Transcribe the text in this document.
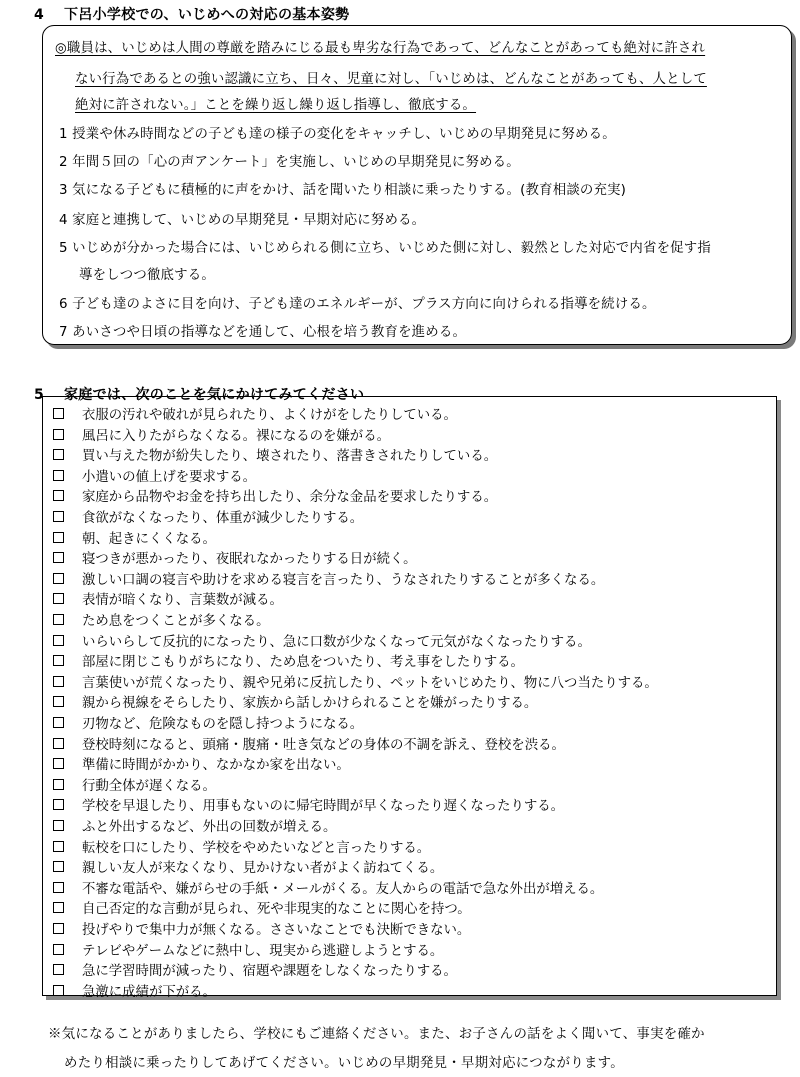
4 下呂小学校での、いじめへの対応の基本姿勢
◎職員は、いじめは人間の尊厳を踏みにじる最も卑劣な行為であって、どんなことがあっても絶対に許され
ない行為であるとの強い認識に立ち、日々、児童に対し、「いじめは、どんなことがあっても、人として
絶対に許されない。」ことを繰り返し繰り返し指導し、徹底する。
1 授業や休み時間などの子ども達の様子の変化をキャッチし、いじめの早期発見に努める。
2 年間５回の「心の声アンケート」を実施し、いじめの早期発見に努める。
3 気になる子どもに積極的に声をかけ、話を聞いたり相談に乗ったりする。(教育相談の充実)
4 家庭と連携して、いじめの早期発見・早期対応に努める。
5 いじめが分かった場合には、いじめられる側に立ち、いじめた側に対し、毅然とした対応で内省を促す指
導をしつつ徹底する。
6 子ども達のよさに目を向け、子ども達のエネルギーが、プラス方向に向けられる指導を続ける。
7 あいさつや日頃の指導などを通して、心根を培う教育を進める。
5 家庭では、次のことを気にかけてみてください
衣服の汚れや破れが見られたり、よくけがをしたりしている。
風呂に入りたがらなくなる。裸になるのを嫌がる。
買い与えた物が紛失したり、壊されたり、落書きされたりしている。
小遣いの値上げを要求する。
家庭から品物やお金を持ち出したり、余分な金品を要求したりする。
食欲がなくなったり、体重が減少したりする。
朝、起きにくくなる。
寝つきが悪かったり、夜眠れなかったりする日が続く。
激しい口調の寝言や助けを求める寝言を言ったり、うなされたりすることが多くなる。
表情が暗くなり、言葉数が減る。
ため息をつくことが多くなる。
いらいらして反抗的になったり、急に口数が少なくなって元気がなくなったりする。
部屋に閉じこもりがちになり、ため息をついたり、考え事をしたりする。
言葉使いが荒くなったり、親や兄弟に反抗したり、ペットをいじめたり、物に八つ当たりする。
親から視線をそらしたり、家族から話しかけられることを嫌がったりする。
刃物など、危険なものを隠し持つようになる。
登校時刻になると、頭痛・腹痛・吐き気などの身体の不調を訴え、登校を渋る。
準備に時間がかかり、なかなか家を出ない。
行動全体が遅くなる。
学校を早退したり、用事もないのに帰宅時間が早くなったり遅くなったりする。
ふと外出するなど、外出の回数が増える。
転校を口にしたり、学校をやめたいなどと言ったりする。
親しい友人が来なくなり、見かけない者がよく訪ねてくる。
不審な電話や、嫌がらせの手紙・メールがくる。友人からの電話で急な外出が増える。
自己否定的な言動が見られ、死や非現実的なことに関心を持つ。
投げやりで集中力が無くなる。ささいなことでも決断できない。
テレビやゲームなどに熱中し、現実から逃避しようとする。
急に学習時間が減ったり、宿題や課題をしなくなったりする。
急激に成績が下がる。
※気になることがありましたら、学校にもご連絡ください。また、お子さんの話をよく聞いて、事実を確か
めたり相談に乗ったりしてあげてください。いじめの早期発見・早期対応につながります。
